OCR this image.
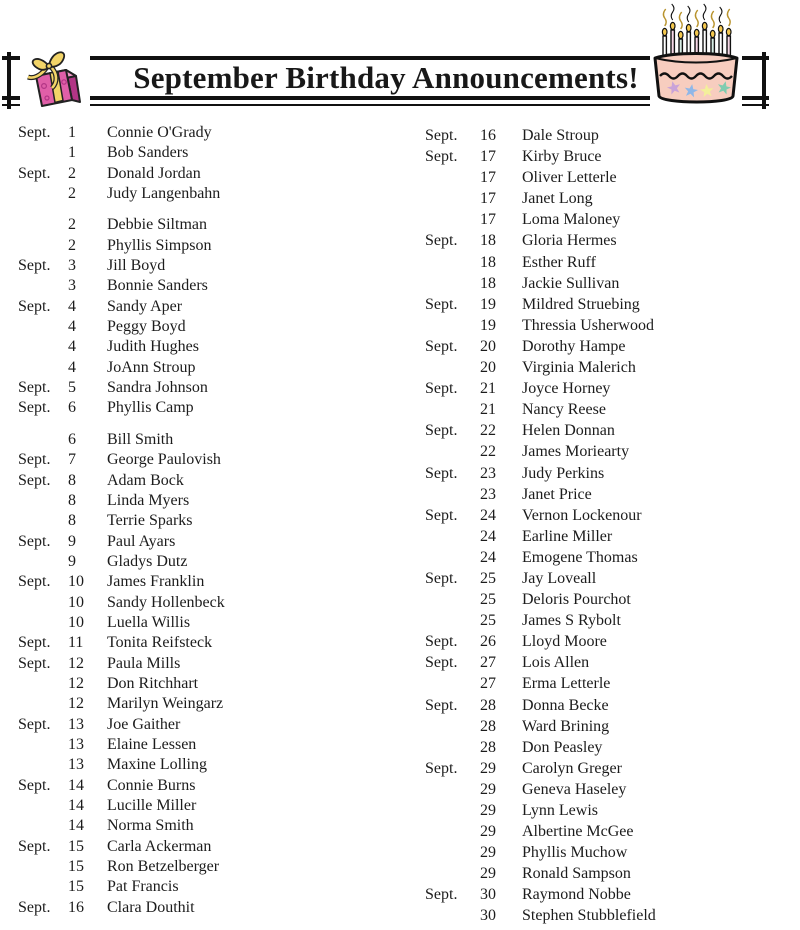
September Birthday Announcements!
Sept.	1	Connie O'Grady
1	Bob Sanders
Sept.	2	Donald Jordan
2	Judy Langenbahn
2	Debbie Siltman
2	Phyllis Simpson
Sept.	3	Jill Boyd
3	Bonnie Sanders
Sept.	4	Sandy Aper
4	Peggy Boyd
4	Judith Hughes
4	JoAnn Stroup
Sept.	5	Sandra Johnson
Sept.	6	Phyllis Camp
6	Bill Smith
Sept.	7	George Paulovish
Sept.	8	Adam Bock
8	Linda Myers
8	Terrie Sparks
Sept.	9	Paul Ayars
9	Gladys Dutz
Sept.	10	James Franklin
10	Sandy Hollenbeck
10	Luella Willis
Sept.	11	Tonita Reifsteck
Sept.	12	Paula Mills
12	Don Ritchhart
12	Marilyn Weingarz
Sept.	13	Joe Gaither
13	Elaine Lessen
13	Maxine Lolling
Sept.	14	Connie Burns
14	Lucille Miller
14	Norma Smith
Sept.	15	Carla Ackerman
15	Ron Betzelberger
15	Pat Francis
Sept.	16	Clara Douthit
Sept.	16	Dale Stroup
Sept.	17	Kirby Bruce
17	Oliver Letterle
17	Janet Long
17	Loma Maloney
Sept.	18	Gloria Hermes
18	Esther Ruff
18	Jackie Sullivan
Sept.	19	Mildred Struebing
19	Thressia Usherwood
Sept.	20	Dorothy Hampe
20	Virginia Malerich
Sept.	21	Joyce Horney
21	Nancy Reese
Sept.	22	Helen Donnan
22	James Moriearty
Sept.	23	Judy Perkins
23	Janet Price
Sept.	24	Vernon Lockenour
24	Earline Miller
24	Emogene Thomas
Sept.	25	Jay Loveall
25	Deloris Pourchot
25	James S Rybolt
Sept.	26	Lloyd Moore
Sept.	27	Lois Allen
27	Erma Letterle
Sept.	28	Donna Becke
28	Ward Brining
28	Don Peasley
Sept.	29	Carolyn Greger
29	Geneva Haseley
29	Lynn Lewis
29	Albertine McGee
29	Phyllis Muchow
29	Ronald Sampson
Sept.	30	Raymond Nobbe
30	Stephen Stubblefield
